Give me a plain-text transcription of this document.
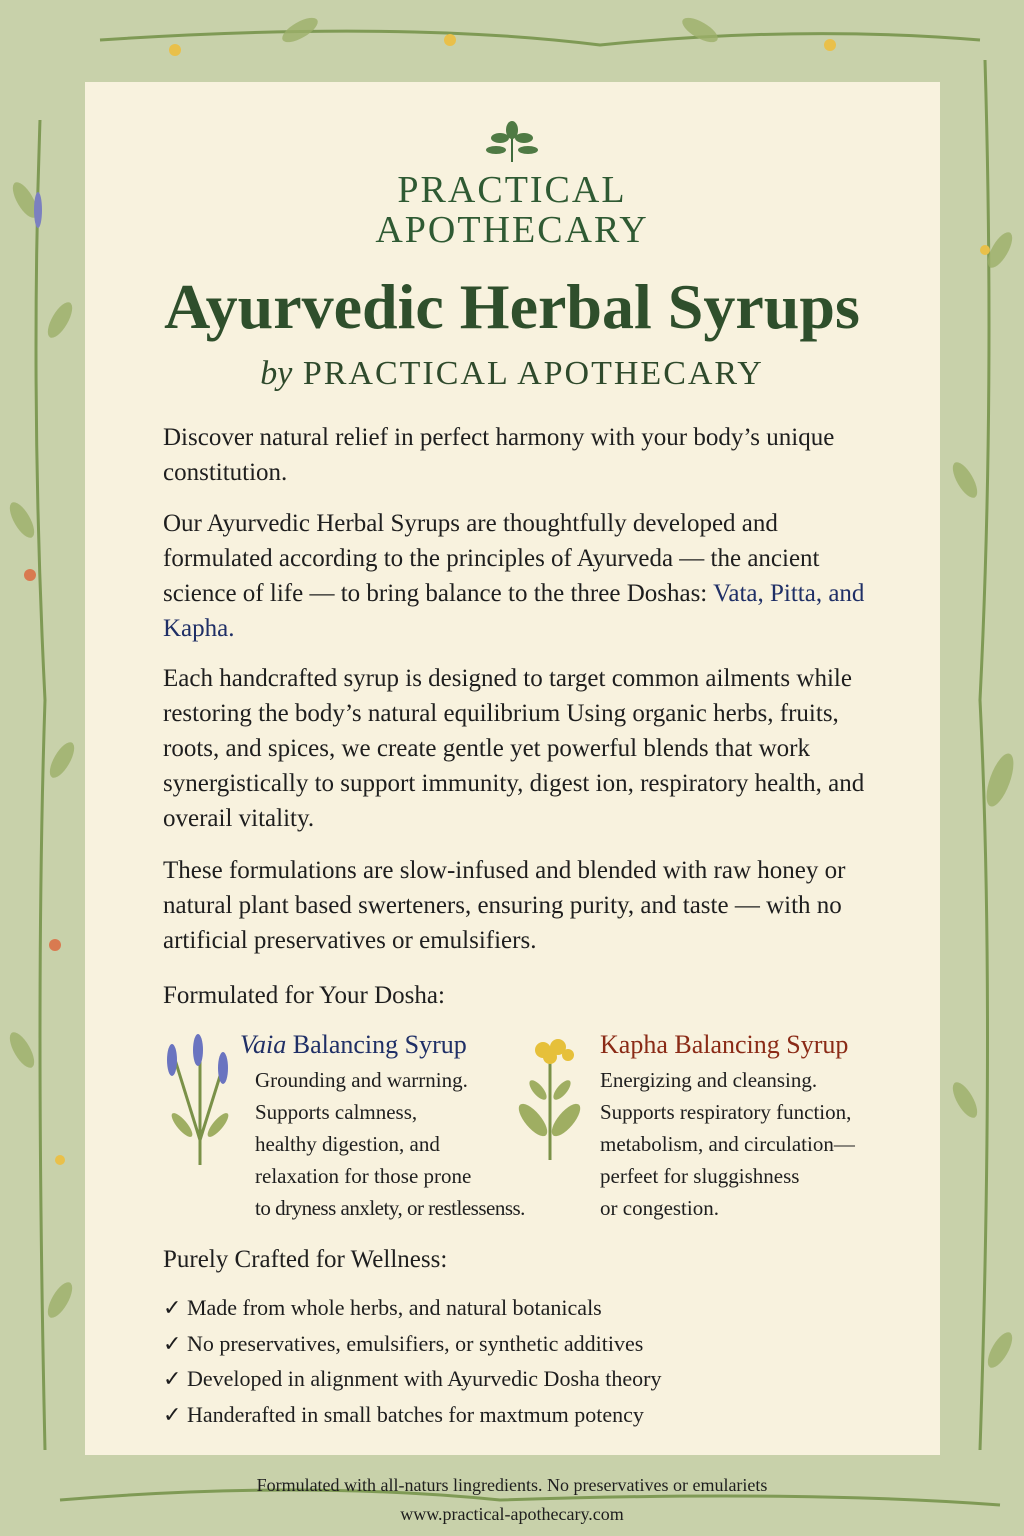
PRACTICAL
APOTHECARY
Ayurvedic Herbal Syrups
by PRACTICAL APOTHECARY

Discover natural relief in perfect harmony with your body’s unique constitution.

Our Ayurvedic Herbal Syrups are thoughtfully developed and formulated according to the principles of Ayurveda — the ancient science of life — to bring balance to the three Doshas: Vata, Pitta, and Kapha.

Each handcrafted syrup is designed to target common ailments while restoring the body’s natural equilibrium Using organic herbs, fruits, roots, and spices, we create gentle yet powerful blends that work synergistically to support immunity, digest ion, respiratory health, and overail vitality.

These formulations are slow-infused and blended with raw honey or natural plant based swerteners, ensuring purity, and taste — with no artificial preservatives or emulsifiers.

Formulated for Your Dosha:
Vaia Balancing Syrup
Grounding and warrning.
Supports calmness,
healthy digestion, and
relaxation for those prone
to dryness anxlety, or restlessenss.
Kapha Balancing Syrup
Energizing and cleansing.
Supports respiratory function,
metabolism, and circulation—
perfeet for sluggishness
or congestion.
Purely Crafted for Wellness:
✓ Made from whole herbs, and natural botanicals
✓ No preservatives, emulsifiers, or synthetic additives
✓ Developed in alignment with Ayurvedic Dosha theory
✓ Handerafted in small batches for maxtmum potency
Formulated with all-naturs lingredients. No preservatives or emulariets
www.practical-apothecary.com
